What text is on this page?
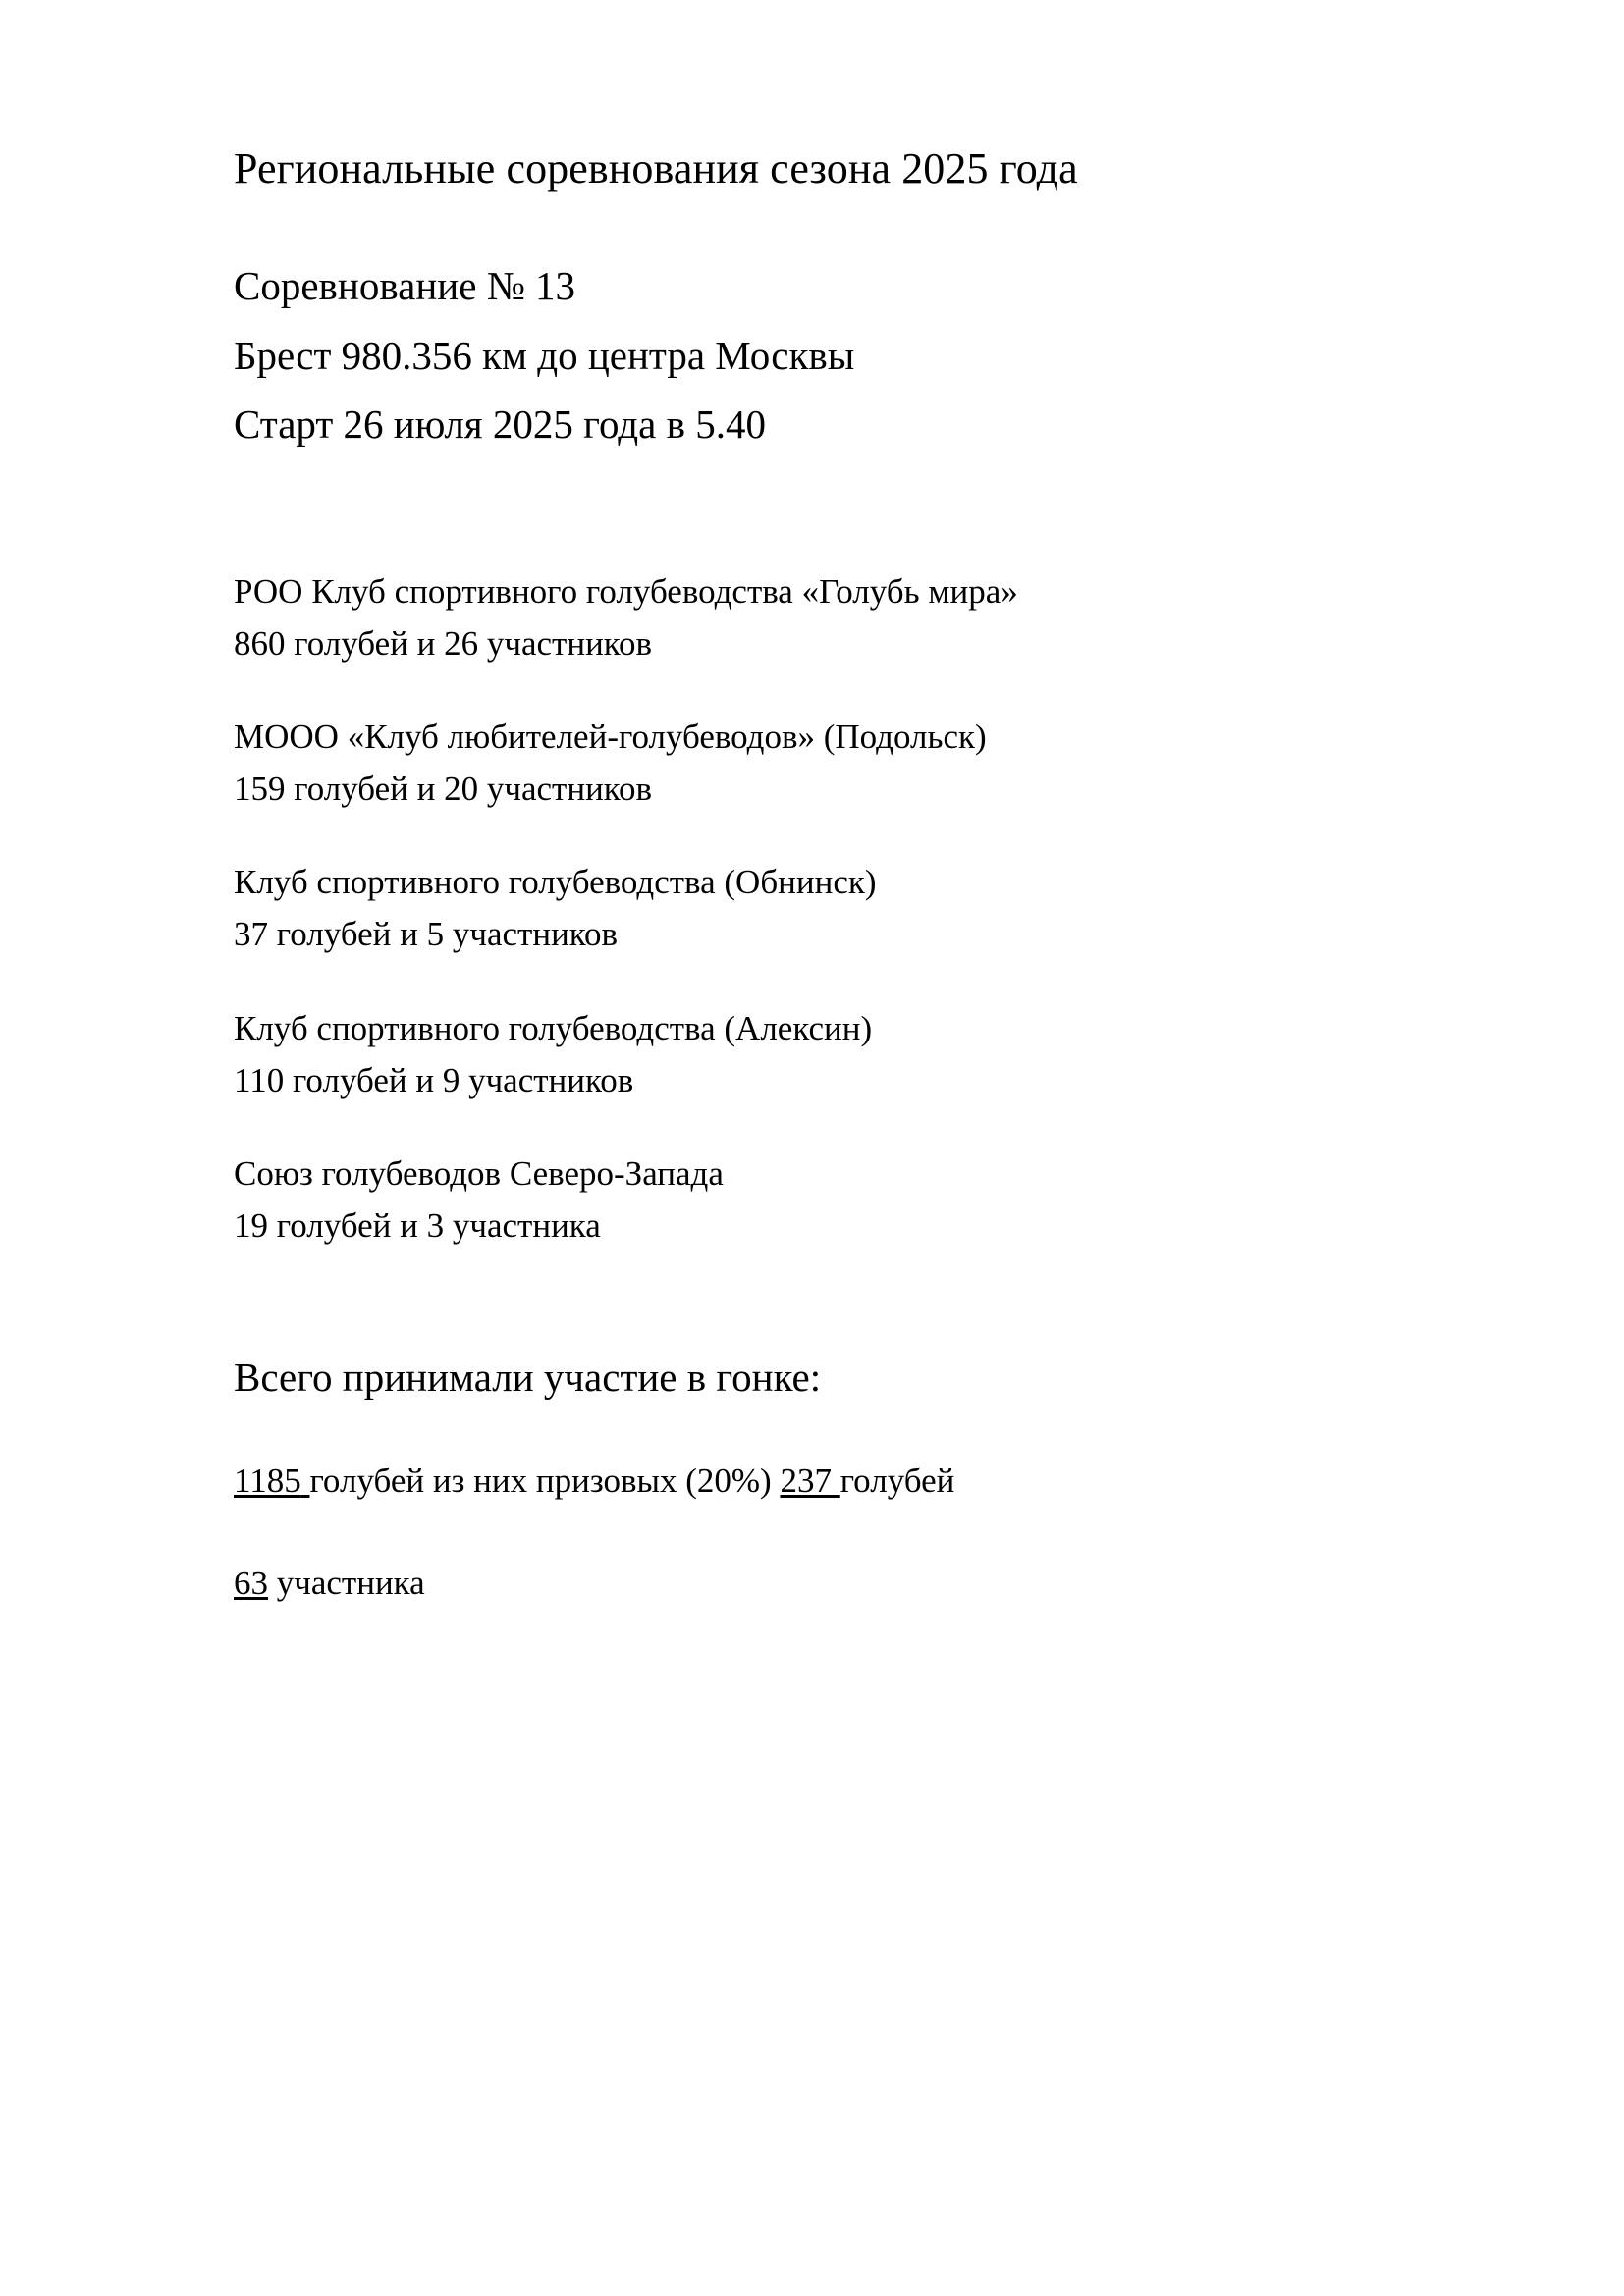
Региональные соревнования сезона 2025 года
Соревнование № 13
Брест 980.356 км до центра Москвы
Старт 26 июля 2025 года в 5.40
РОО Клуб спортивного голубеводства «Голубь мира»
860 голубей и 26 участников
МООО «Клуб любителей-голубеводов» (Подольск)
159 голубей и 20 участников
Клуб спортивного голубеводства (Обнинск)
37 голубей и 5 участников
Клуб спортивного голубеводства (Алексин)
110 голубей и 9 участников
Союз голубеводов Северо-Запада
19 голубей и 3 участника
Всего принимали участие в гонке:
1185 голубей из них призовых (20%) 237 голубей
63 участника
